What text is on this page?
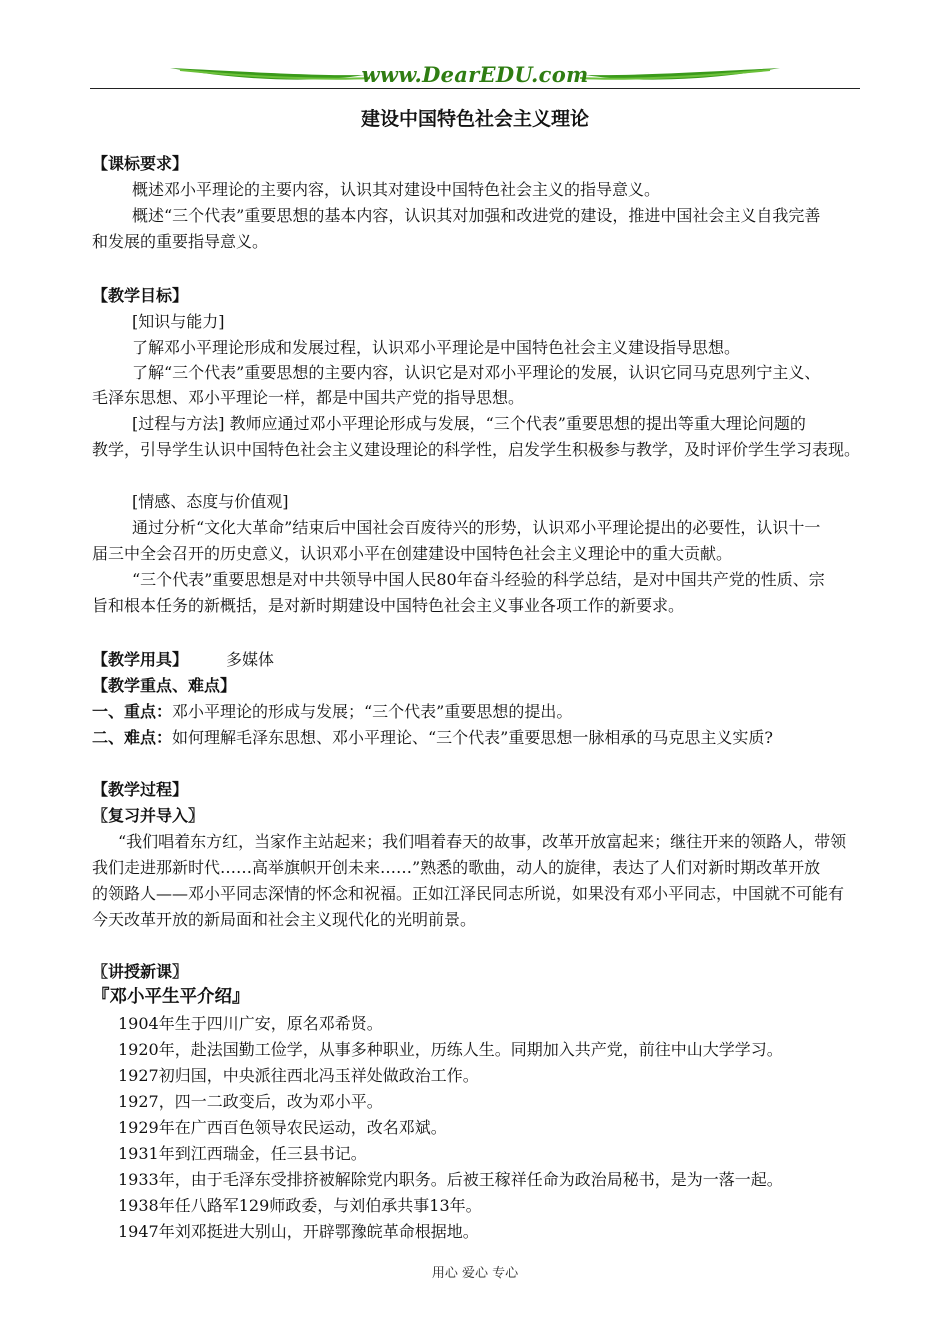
www.DearEDU.com
建设中国特色社会主义理论
【课标要求】
概述邓小平理论的主要内容，认识其对建设中国特色社会主义的指导意义。
概述“三个代表”重要思想的基本内容，认识其对加强和改进党的建设，推进中国社会主义自我完善
和发展的重要指导意义。
【教学目标】
[知识与能力]
了解邓小平理论形成和发展过程，认识邓小平理论是中国特色社会主义建设指导思想。
了解“三个代表”重要思想的主要内容，认识它是对邓小平理论的发展，认识它同马克思列宁主义、
毛泽东思想、邓小平理论一样，都是中国共产党的指导思想。
[过程与方法] 教师应通过邓小平理论形成与发展，“三个代表”重要思想的提出等重大理论问题的
教学，引导学生认识中国特色社会主义建设理论的科学性，启发学生积极参与教学，及时评价学生学习表现。
[情感、态度与价值观]
通过分析“文化大革命”结束后中国社会百废待兴的形势，认识邓小平理论提出的必要性，认识十一
届三中全会召开的历史意义，认识邓小平在创建建设中国特色社会主义理论中的重大贡献。
“三个代表”重要思想是对中共领导中国人民80年奋斗经验的科学总结，是对中国共产党的性质、宗
旨和根本任务的新概括，是对新时期建设中国特色社会主义事业各项工作的新要求。
【教学用具】 多媒体
【教学重点、难点】
一、重点： 邓小平理论的形成与发展；“三个代表”重要思想的提出。
二、难点： 如何理解毛泽东思想、邓小平理论、“三个代表”重要思想一脉相承的马克思主义实质?
【教学过程】
〖复习并导入〗
“我们唱着东方红，当家作主站起来；我们唱着春天的故事，改革开放富起来；继往开来的领路人，带领
我们走进那新时代……高举旗帜开创未来……”熟悉的歌曲，动人的旋律，表达了人们对新时期改革开放
的领路人——邓小平同志深情的怀念和祝福。正如江泽民同志所说，如果没有邓小平同志，中国就不可能有
今天改革开放的新局面和社会主义现代化的光明前景。
〖讲授新课〗
『邓小平生平介绍』
1904年生于四川广安，原名邓希贤。
1920年，赴法国勤工俭学，从事多种职业，历练人生。同期加入共产党，前往中山大学学习。
1927初归国，中央派往西北冯玉祥处做政治工作。
1927，四一二政变后，改为邓小平。
1929年在广西百色领导农民运动，改名邓斌。
1931年到江西瑞金，任三县书记。
1933年，由于毛泽东受排挤被解除党内职务。后被王稼祥任命为政治局秘书，是为一落一起。
1938年任八路军129师政委，与刘伯承共事13年。
1947年刘邓挺进大别山，开辟鄂豫皖革命根据地。
用心 爱心 专心
